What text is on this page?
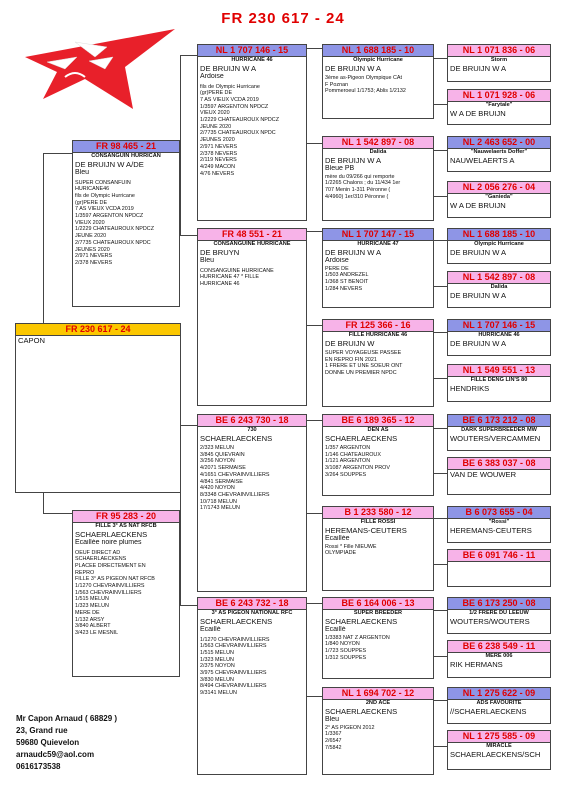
FR 230 617 - 24
FR 230 617 - 24
CAPON
FR 98 465 - 21
CONSANGUIN HURRICAN
DE BRUIJN W A/DE
Bleu
SUPER CONSANFUIN
HURICANE46
fils de Olympic Hurricane
(gr)PERE DE
7 AS VIEUX VCDA 2019
1/3597 ARGENTON NPDCZ
VIEUX 2020
1/2229 CHATEAUROUX NPDCZ
JEUNE 2020
2/7735 CHATEAUROUX NPDC
JEUNES 2020
2/971 NEVERS
2/378 NEVERS
FR 95 283 - 20
FILLE 3° AS NAT RFCB
SCHAERLAECKENS
Ecaillée noire plumes
OEUF DIRECT AD
SCHAERLAECKENS
PLACEE DIRECTEMENT EN
REPRO
FILLE 3° AS PIGEON NAT RFCB
1/1270 CHEVRAINVILLIERS
1/563 CHEVRAINVILLIERS
1/515 MELUN
1/323 MELUN
MERE DE
1/132 ARSY
3/840 ALBERT
3/423 LE MESNIL
NL 1 707 146 - 15
HURRICANE 46
DE BRUIJN W A
Ardoise
fils de Olympic Hurricane
(gr)PERE DE
7 AS VIEUX VCDA 2019
1/3597 ARGENTON NPDCZ
VIEUX 2020
1/2229 CHATEAUROUX NPDCZ
JEUNE 2020
2/7735 CHATEAUROUX NPDC
JEUNES 2020
2/971 NEVERS
2/378 NEVERS
2/119 NEVERS
4/249 MACON
4/76 NEVERS
FR 48 551 - 21
CONSANGUINE HURRICANE
DE BRUYN
Bleu
CONSANGUINE HURRICANE
HURRICANE 47 * FILLE
HURRICANE 46
BE 6 243 730 - 18
730
SCHAERLAECKENS
2/323 MELUN
3/845 QUIEVRAIN
3/256 NOYON
4/2071 SERMAISE
4/1651 CHEVRAINVILLIERS
4/841 SERMAISE
4/420 NOYON
8/3348 CHEVRAINVILLIERS
10/718 MELUN
17/1743 MELUN
BE 6 243 732 - 18
3° AS PIGEON NATIONAL RFC
SCHAERLAECKENS
Ecaillé
1/1270 CHEVRAINVILLIERS
1/563 CHEVRAINVILLIERS
1/515 MELUN
1/323 MELUN
2/375 NOYON
3/975 CHEVRAINVILLIERS
3/830 MELUN
8/494 CHEVRAINVILLIERS
9/3141 MELUN
NL 1 688 185 - 10
Olympic Hurricane
DE BRUIJN W A
3ème as-Pigeon Olympique CAt
F Poznan
Pommeroeul 1/1753; Ablis 1/2132
NL 1 542 897 - 08
Dalida
DE BRUIJN W A
Bleue PB
mère du 09/266 qui remporte
1/2265 Chalons ; du 11/434 1er
707 Menin 1-311 Péronne (
4/4960) 1er/310 Péronne (
NL 1 707 147 - 15
HURRICANE 47
DE BRUIJN W A
Ardoise
PERE DE
1/503 ANDREZEL
1/368 ST BENOIT
1/284 NEVERS
FR 125 366 - 16
FILLE HURRICANE 46
DE BRUIJN W
SUPER VOYAGEUSE PASSEE
EN REPRO FIN 2021
1 FRERE ET UNE SOEUR ONT
DONNE UN PREMIER NPDC
BE 6 189 365 - 12
DEN AS
SCHAERLAECKENS
1/357 ARGENTON
1/146 CHATEAUROUX
1/121 ARGENTON
3/1087 ARGENTON PROV
3/264 SOUPPES
B 1 233 580 - 12
FILLE ROSSI
HEREMANS-CEUTERS
Ecaillée
Rossi * Fille NIEUWE
OLYMPIADE
BE 6 164 006 - 13
SUPER BREEDER
SCHAERLAECKENS
Ecaillé
1/3383 NAT Z ARGENTON
1/840 NOYON
1/723 SOUPPES
1/312 SOUPPES
NL 1 694 702 - 12
2ND ACE
SCHAERLAECKENS
Bleu
2° AS PIGEON 2012
1/3367
2/6547
7/5842
NL 1 071 836 - 06
Storm
DE BRUIJN W A
NL 1 071 928 - 06
"Farytale"
W A DE BRUIJN
NL 2 463 652 - 00
"Nauwelaerts Doffer"
NAUWELAERTS A
NL 2 056 276 - 04
"Ganieda"
W A DE BRUIJN
NL 1 688 185 - 10
Olympic Hurricane
DE BRUIJN W A
NL 1 542 897 - 08
Dalida
DE BRUIJN W A
NL 1 707 146 - 15
HURRICANE 46
DE BRUIJN W A
NL 1 549 551 - 13
FILLE DENG LIN'S 80
HENDRIKS
BE 6 173 212 - 08
DARK SUPERBREEDER MW
WOUTERS/VERCAMMEN
BE 6 383 037 - 08
VAN DE WOUWER
B 6 073 655 - 04
"Rossi"
HEREMANS-CEUTERS
BE 6 091 746 - 11
BE 6 173 250 - 08
1/2 FRERE DU LEEUW
WOUTERS/WOUTERS
BE 6 238 549 - 11
MERE 006
RIK HERMANS
NL 1 275 622 - 09
ADS FAVOURITE
//SCHAERLAECKENS
NL 1 275 585 - 09
MIRACLE
SCHAERLAECKENS/SCH
Mr Capon Arnaud ( 68829 )
23, Grand rue
59680 Quievelon
arnaudc59@aol.com
0616173538
